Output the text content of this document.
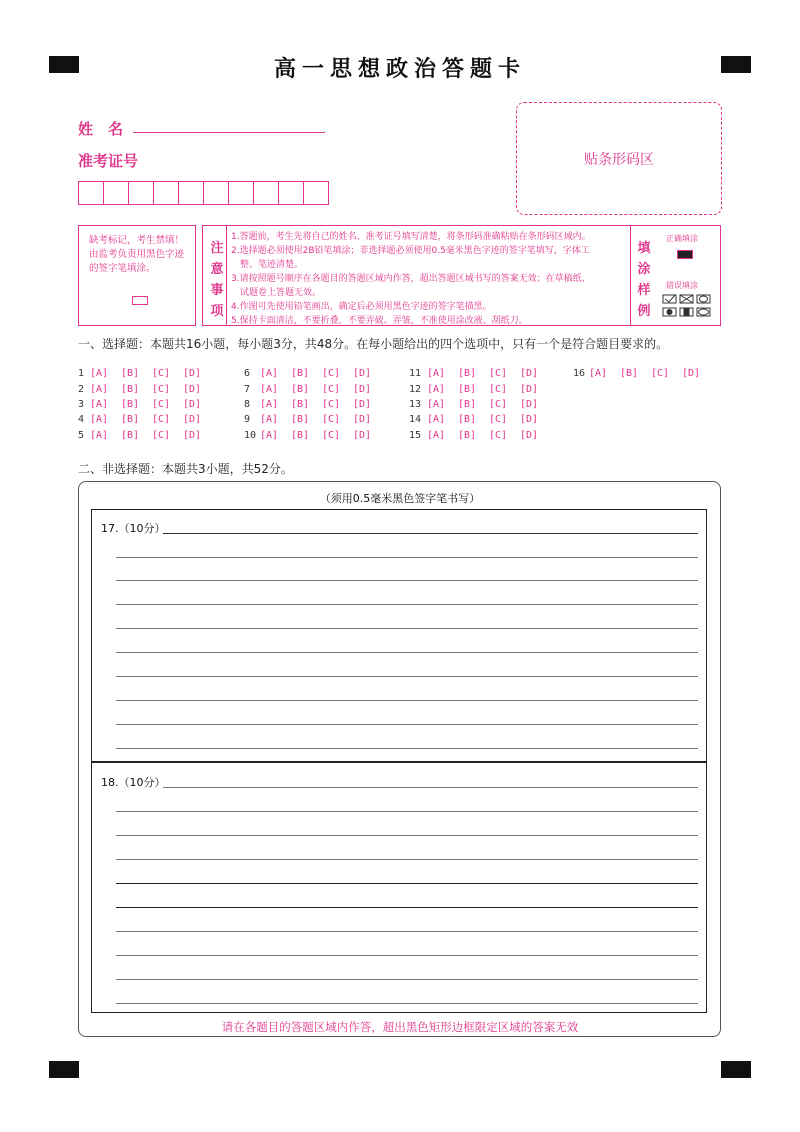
高一思想政治答题卡
姓　名
准考证号	贴条形码区
缺考标记，考生禁填！
由监考负责用黑色字迹
的签字笔填涂。
注
意
事
项
1.答题前，考生先将自己的姓名、准考证号填写清楚，将条形码准确粘贴在条形码区域内。
2.选择题必须使用2B铅笔填涂；非选择题必须使用0.5毫米黑色字迹的签字笔填写，字体工
　整、笔迹清楚。
3.请按照题号顺序在各题目的答题区域内作答，超出答题区域书写的答案无效；在草稿纸、
　试题卷上答题无效。
4.作图可先使用铅笔画出，确定后必须用黑色字迹的签字笔描黑。
5.保持卡面清洁，不要折叠，不要弄破、弄皱，不准使用涂改液、刮纸刀。
填
涂
样
例
正确填涂
错误填涂
一、选择题：本题共16小题，每小题3分，共48分。在每小题给出的四个选项中，只有一个是符合题目要求的。
1 [A] [B] [C] [D]	6 [A] [B] [C] [D]	11 [A] [B] [C] [D]	16 [A] [B] [C] [D]
2 [A] [B] [C] [D]	7 [A] [B] [C] [D]	12 [A] [B] [C] [D]
3 [A] [B] [C] [D]	8 [A] [B] [C] [D]	13 [A] [B] [C] [D]
4 [A] [B] [C] [D]	9 [A] [B] [C] [D]	14 [A] [B] [C] [D]
5 [A] [B] [C] [D]	10 [A] [B] [C] [D]	15 [A] [B] [C] [D]
二、非选择题：本题共3小题，共52分。
（须用0.5毫米黑色签字笔书写）
17.（10分）
18.（10分）
请在各题目的答题区域内作答，超出黑色矩形边框限定区域的答案无效
